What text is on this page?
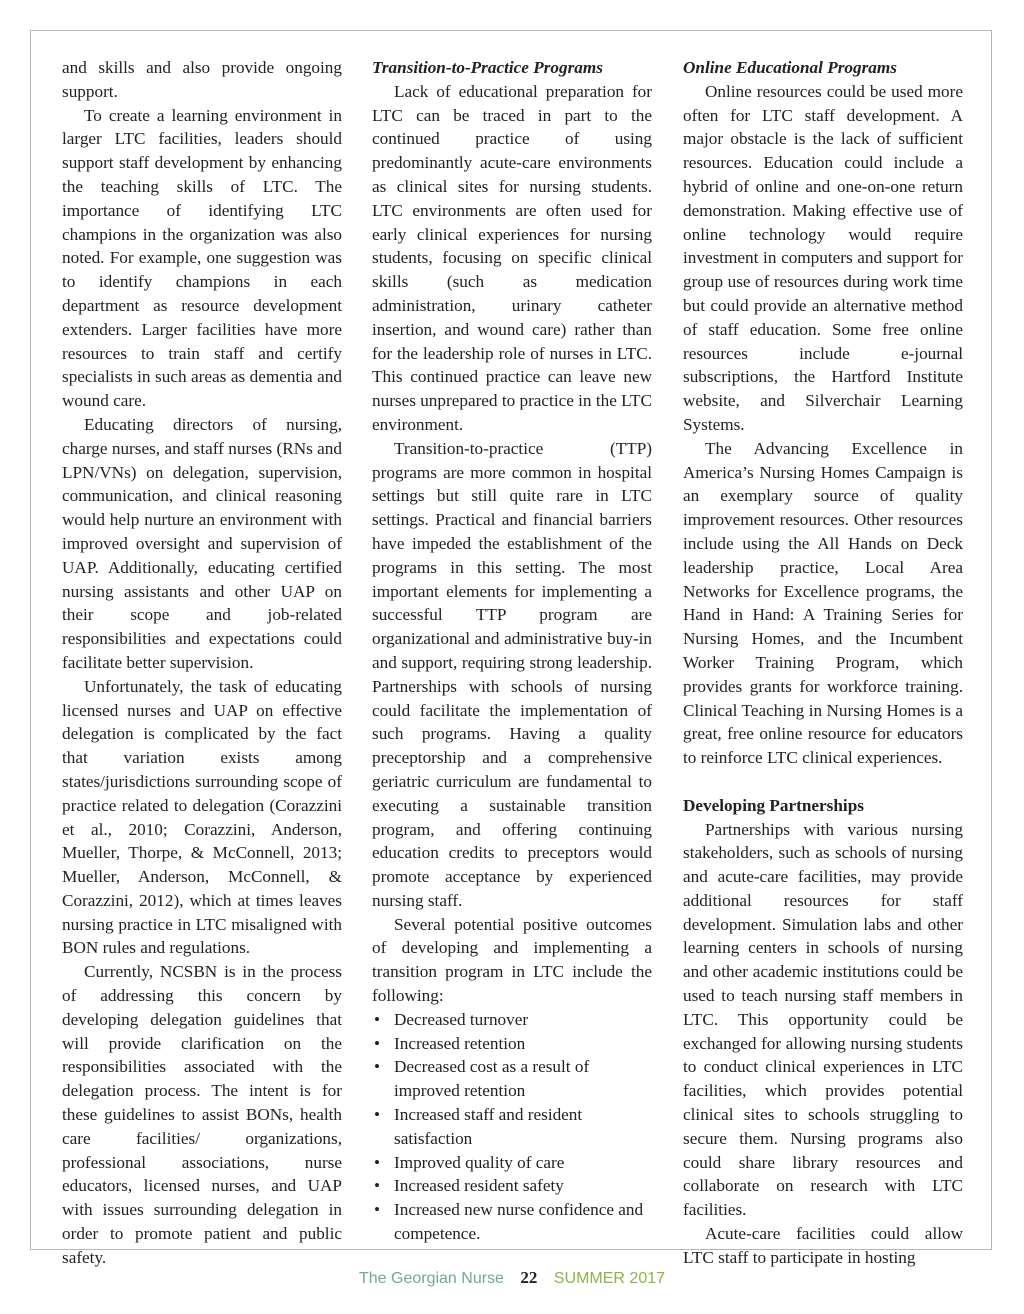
and skills and also provide ongoing support.

To create a learning environment in larger LTC facilities, leaders should support staff development by enhancing the teaching skills of LTC. The importance of identifying LTC champions in the organization was also noted. For example, one suggestion was to identify champions in each department as resource development extenders. Larger facilities have more resources to train staff and certify specialists in such areas as dementia and wound care.

Educating directors of nursing, charge nurses, and staff nurses (RNs and LPN/VNs) on delegation, supervision, communication, and clinical reasoning would help nurture an environment with improved oversight and supervision of UAP. Additionally, educating certified nursing assistants and other UAP on their scope and job-related responsibilities and expectations could facilitate better supervision.

Unfortunately, the task of educating licensed nurses and UAP on effective delegation is complicated by the fact that variation exists among states/jurisdictions surrounding scope of practice related to delegation (Corazzini et al., 2010; Corazzini, Anderson, Mueller, Thorpe, & McConnell, 2013; Mueller, Anderson, McConnell, & Corazzini, 2012), which at times leaves nursing practice in LTC misaligned with BON rules and regulations.

Currently, NCSBN is in the process of addressing this concern by developing delegation guidelines that will provide clarification on the responsibilities associated with the delegation process. The intent is for these guidelines to assist BONs, health care facilities/ organizations, professional associations, nurse educators, licensed nurses, and UAP with issues surrounding delegation in order to promote patient and public safety.

Transition-to-Practice Programs

Lack of educational preparation for LTC can be traced in part to the continued practice of using predominantly acute-care environments as clinical sites for nursing students. LTC environments are often used for early clinical experiences for nursing students, focusing on specific clinical skills (such as medication administration, urinary catheter insertion, and wound care) rather than for the leadership role of nurses in LTC. This continued practice can leave new nurses unprepared to practice in the LTC environment.

Transition-to-practice (TTP) programs are more common in hospital settings but still quite rare in LTC settings. Practical and financial barriers have impeded the establishment of the programs in this setting. The most important elements for implementing a successful TTP program are organizational and administrative buy-in and support, requiring strong leadership. Partnerships with schools of nursing could facilitate the implementation of such programs. Having a quality preceptorship and a comprehensive geriatric curriculum are fundamental to executing a sustainable transition program, and offering continuing education credits to preceptors would promote acceptance by experienced nursing staff.

Several potential positive outcomes of developing and implementing a transition program in LTC include the following:

• Decreased turnover
• Increased retention
• Decreased cost as a result of improved retention
• Increased staff and resident satisfaction
• Improved quality of care
• Increased resident safety
• Increased new nurse confidence and competence.
Online Educational Programs

Online resources could be used more often for LTC staff development. A major obstacle is the lack of sufficient resources. Education could include a hybrid of online and one-on-one return demonstration. Making effective use of online technology would require investment in computers and support for group use of resources during work time but could provide an alternative method of staff education. Some free online resources include e-journal subscriptions, the Hartford Institute website, and Silverchair Learning Systems.

The Advancing Excellence in America’s Nursing Homes Campaign is an exemplary source of quality improvement resources. Other resources include using the All Hands on Deck leadership practice, Local Area Networks for Excellence programs, the Hand in Hand: A Training Series for Nursing Homes, and the Incumbent Worker Training Program, which provides grants for workforce training. Clinical Teaching in Nursing Homes is a great, free online resource for educators to reinforce LTC clinical experiences.

Developing Partnerships

Partnerships with various nursing stakeholders, such as schools of nursing and acute-care facilities, may provide additional resources for staff development. Simulation labs and other learning centers in schools of nursing and other academic institutions could be used to teach nursing staff members in LTC. This opportunity could be exchanged for allowing nursing students to conduct clinical experiences in LTC facilities, which provides potential clinical sites to schools struggling to secure them. Nursing programs also could share library resources and collaborate on research with LTC facilities.

Acute-care facilities could allow LTC staff to participate in hosting

The Georgian Nurse 22 SUMMER 2017
